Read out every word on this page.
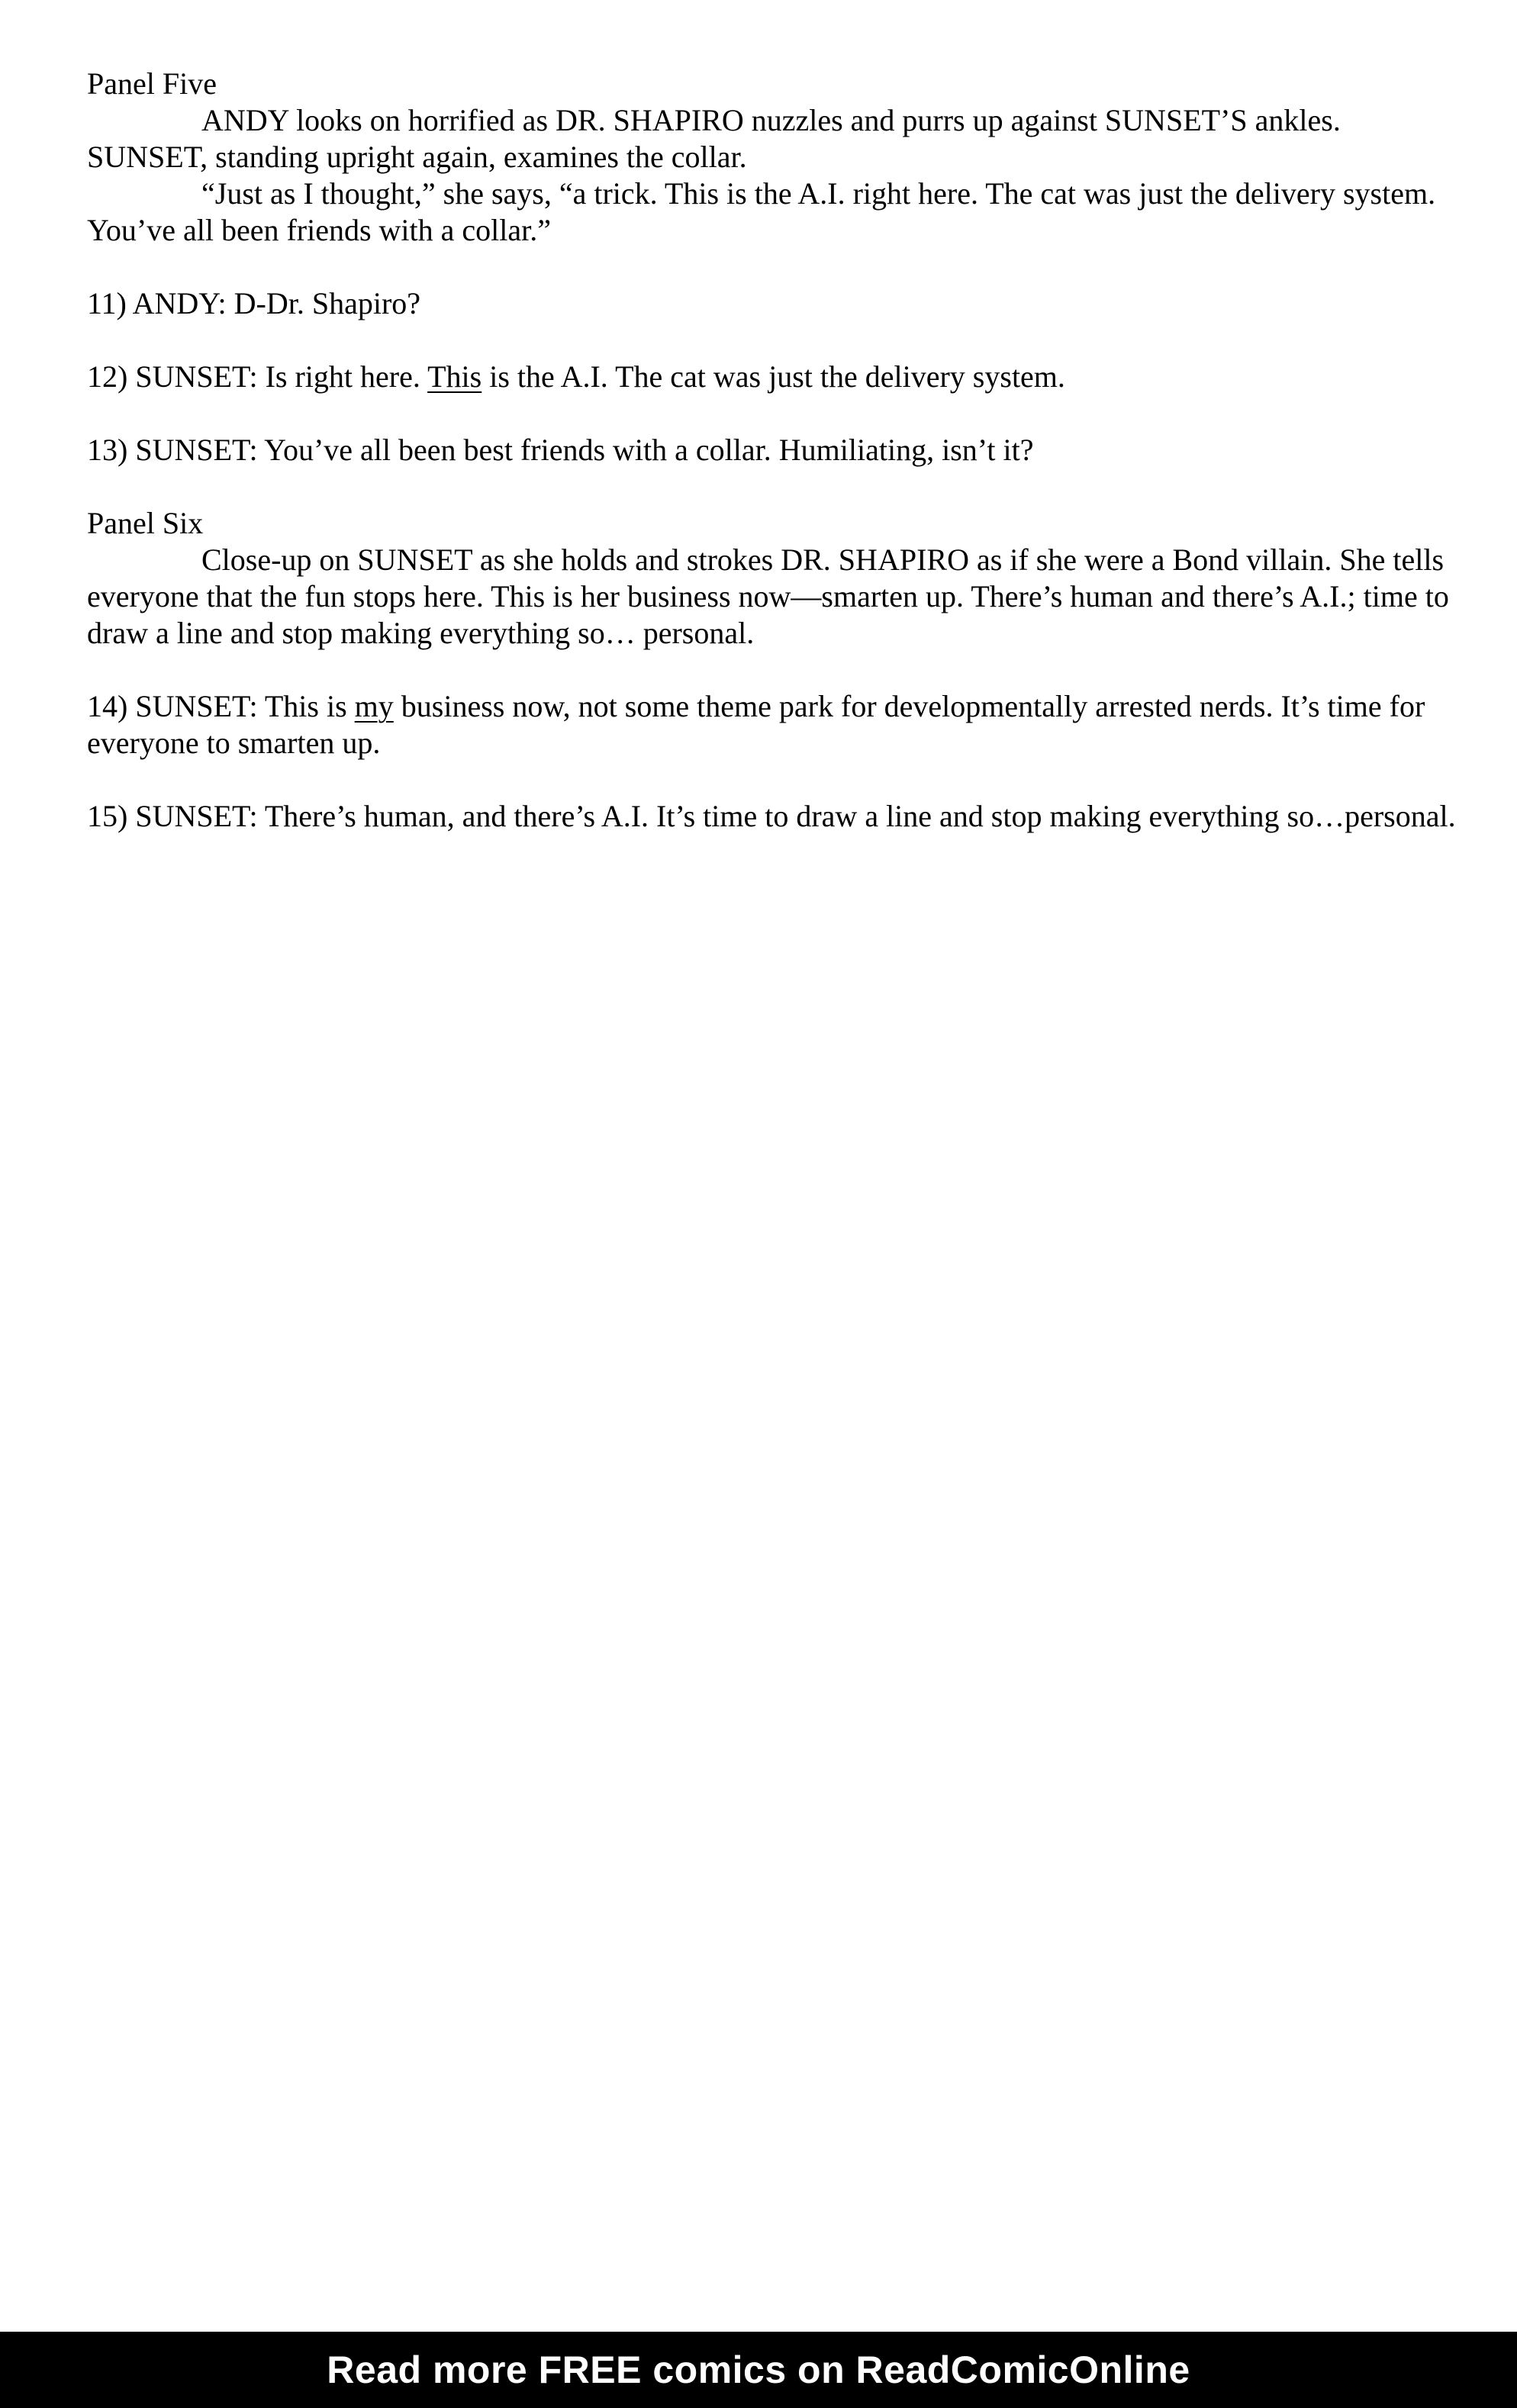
Panel Five

ANDY looks on horrified as DR. SHAPIRO nuzzles and purrs up against SUNSET’S ankles. SUNSET, standing upright again, examines the collar.

“Just as I thought,” she says, “a trick. This is the A.I. right here. The cat was just the delivery system. You’ve all been friends with a collar.”

11) ANDY: D-Dr. Shapiro?

12) SUNSET: Is right here. This is the A.I. The cat was just the delivery system.

13) SUNSET: You’ve all been best friends with a collar. Humiliating, isn’t it?

Panel Six

Close-up on SUNSET as she holds and strokes DR. SHAPIRO as if she were a Bond villain. She tells everyone that the fun stops here. This is her business now—smarten up. There’s human and there’s A.I.; time to draw a line and stop making everything so… personal.

14) SUNSET: This is my business now, not some theme park for developmentally arrested nerds. It’s time for everyone to smarten up.

15) SUNSET: There’s human, and there’s A.I. It’s time to draw a line and stop making everything so…personal.

Read more FREE comics on ReadComicOnline
